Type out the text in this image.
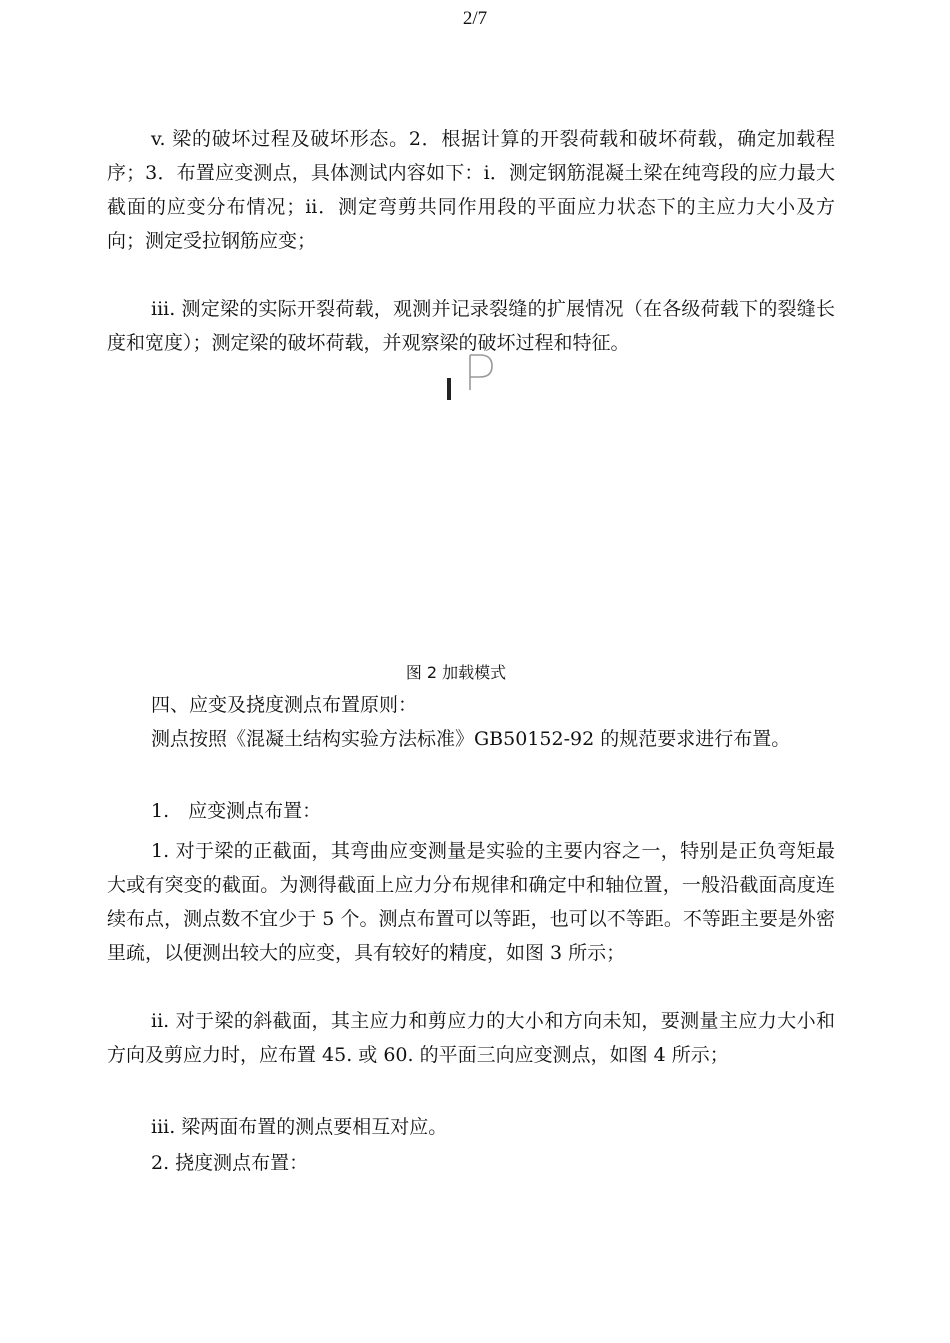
2/7

v. 梁的破坏过程及破坏形态。2．根据计算的开裂荷载和破坏荷载，确定加载程序；3．布置应变测点，具体测试内容如下：i．测定钢筋混凝土梁在纯弯段的应力最大截面的应变分布情况；ii．测定弯剪共同作用段的平面应力状态下的主应力大小及方向；测定受拉钢筋应变；

iii. 测定梁的实际开裂荷载，观测并记录裂缝的扩展情况（在各级荷载下的裂缝长度和宽度）；测定梁的破坏荷载，并观察梁的破坏过程和特征。

图 2 加载模式

四、应变及挠度测点布置原则：

测点按照《混凝土结构实验方法标准》GB50152-92 的规范要求进行布置。

1.　应变测点布置：

1. 对于梁的正截面，其弯曲应变测量是实验的主要内容之一，特别是正负弯矩最大或有突变的截面。为测得截面上应力分布规律和确定中和轴位置，一般沿截面高度连续布点，测点数不宜少于 5 个。测点布置可以等距，也可以不等距。不等距主要是外密里疏，以便测出较大的应变，具有较好的精度，如图 3 所示；

ii. 对于梁的斜截面，其主应力和剪应力的大小和方向未知，要测量主应力大小和方向及剪应力时，应布置 45. 或 60. 的平面三向应变测点，如图 4 所示；

iii. 梁两面布置的测点要相互对应。

2. 挠度测点布置：
